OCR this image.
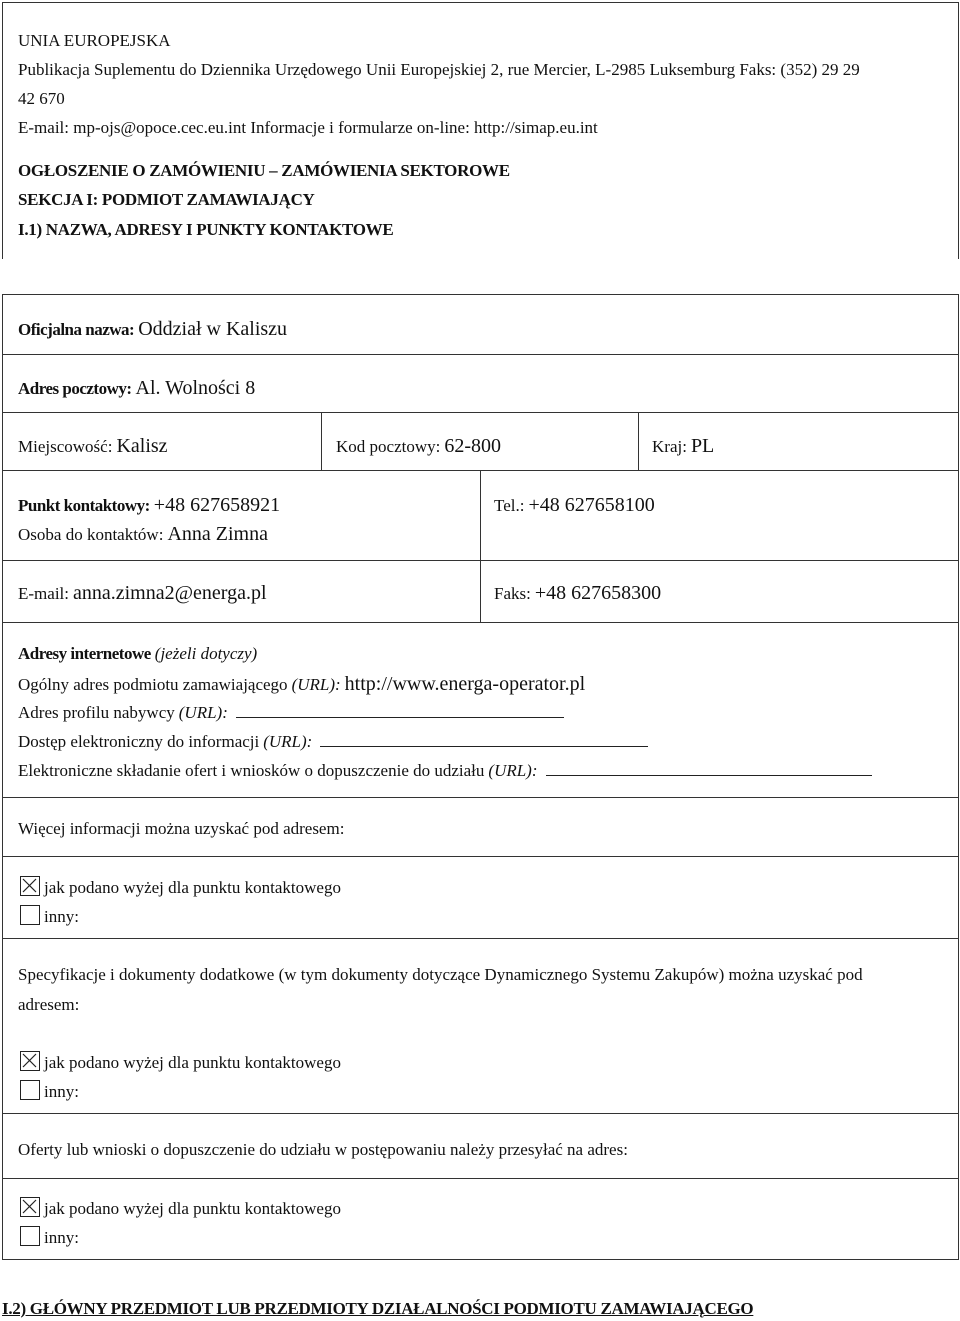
UNIA EUROPEJSKA
Publikacja Suplementu do Dziennika Urzędowego Unii Europejskiej 2, rue Mercier, L-2985 Luksemburg Faks: (352) 29 29
42 670
E-mail: mp-ojs@opoce.cec.eu.int Informacje i formularze on-line: http://simap.eu.int
OGŁOSZENIE O ZAMÓWIENIU – ZAMÓWIENIA SEKTOROWE
SEKCJA I: PODMIOT ZAMAWIAJĄCY
I.1) NAZWA, ADRESY I PUNKTY KONTAKTOWE
Oficjalna nazwa: Oddział w Kaliszu
Adres pocztowy: Al. Wolności 8
Miejscowość: Kalisz	Kod pocztowy: 62-800	Kraj: PL
Punkt kontaktowy: +48 627658921
Osoba do kontaktów: Anna Zimna
Tel.: +48 627658100
E-mail: anna.zimna2@energa.pl	Faks: +48 627658300
Adresy internetowe (jeżeli dotyczy)
Ogólny adres podmiotu zamawiającego (URL): http://www.energa-operator.pl
Adres profilu nabywcy (URL):
Dostęp elektroniczny do informacji (URL):
Elektroniczne składanie ofert i wniosków o dopuszczenie do udziału (URL):
Więcej informacji można uzyskać pod adresem:
jak podano wyżej dla punktu kontaktowego
inny:
Specyfikacje i dokumenty dodatkowe (w tym dokumenty dotyczące Dynamicznego Systemu Zakupów) można uzyskać pod
adresem:
jak podano wyżej dla punktu kontaktowego
inny:
Oferty lub wnioski o dopuszczenie do udziału w postępowaniu należy przesyłać na adres:
jak podano wyżej dla punktu kontaktowego
inny:
I.2) GŁÓWNY PRZEDMIOT LUB PRZEDMIOTY DZIAŁALNOŚCI PODMIOTU ZAMAWIAJĄCEGO
